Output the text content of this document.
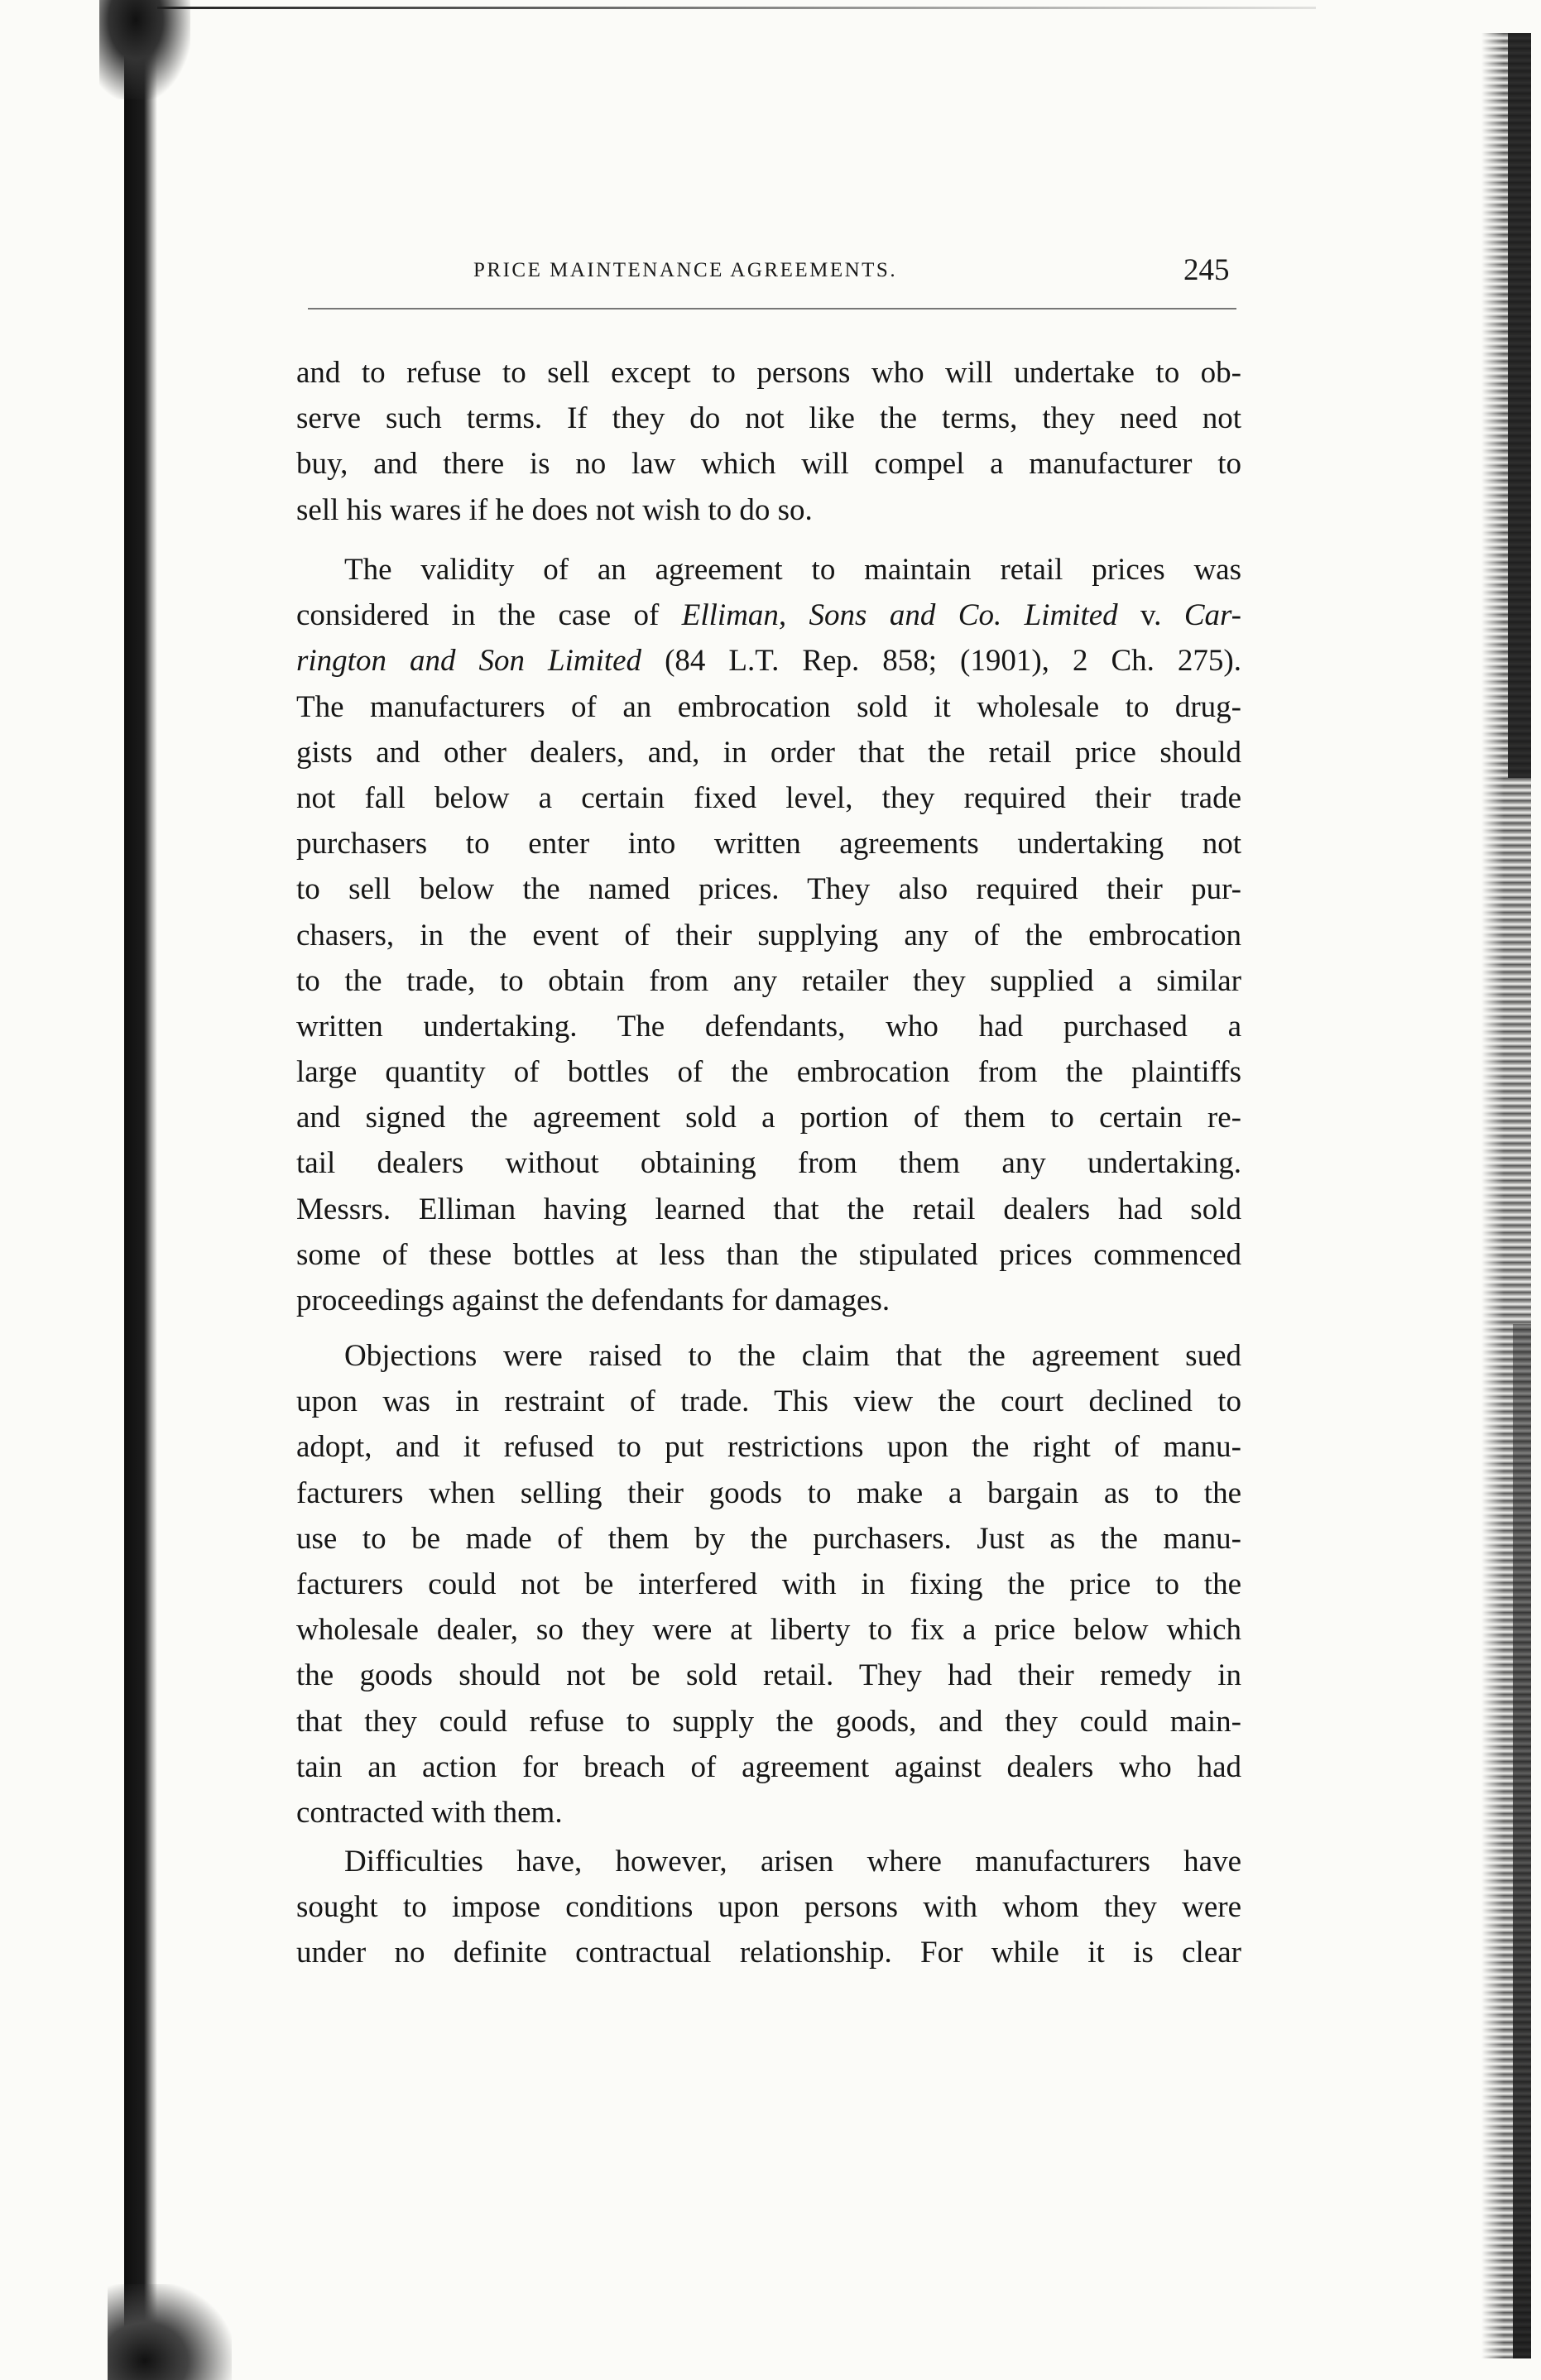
PRICE MAINTENANCE AGREEMENTS.	245
and to refuse to sell except to persons who will undertake to ob-
serve such terms. If they do not like the terms, they need not
buy, and there is no law which will compel a manufacturer to
sell his wares if he does not wish to do so.
The validity of an agreement to maintain retail prices was
considered in the case of Elliman, Sons and Co. Limited v. Car-
rington and Son Limited (84 L.T. Rep. 858; (1901), 2 Ch. 275).
The manufacturers of an embrocation sold it wholesale to drug-
gists and other dealers, and, in order that the retail price should
not fall below a certain fixed level, they required their trade
purchasers to enter into written agreements undertaking not
to sell below the named prices. They also required their pur-
chasers, in the event of their supplying any of the embrocation
to the trade, to obtain from any retailer they supplied a similar
written undertaking. The defendants, who had purchased a
large quantity of bottles of the embrocation from the plaintiffs
and signed the agreement sold a portion of them to certain re-
tail dealers without obtaining from them any undertaking.
Messrs. Elliman having learned that the retail dealers had sold
some of these bottles at less than the stipulated prices commenced
proceedings against the defendants for damages.
Objections were raised to the claim that the agreement sued
upon was in restraint of trade. This view the court declined to
adopt, and it refused to put restrictions upon the right of manu-
facturers when selling their goods to make a bargain as to the
use to be made of them by the purchasers. Just as the manu-
facturers could not be interfered with in fixing the price to the
wholesale dealer, so they were at liberty to fix a price below which
the goods should not be sold retail. They had their remedy in
that they could refuse to supply the goods, and they could main-
tain an action for breach of agreement against dealers who had
contracted with them.
Difficulties have, however, arisen where manufacturers have
sought to impose conditions upon persons with whom they were
under no definite contractual relationship. For while it is clear
